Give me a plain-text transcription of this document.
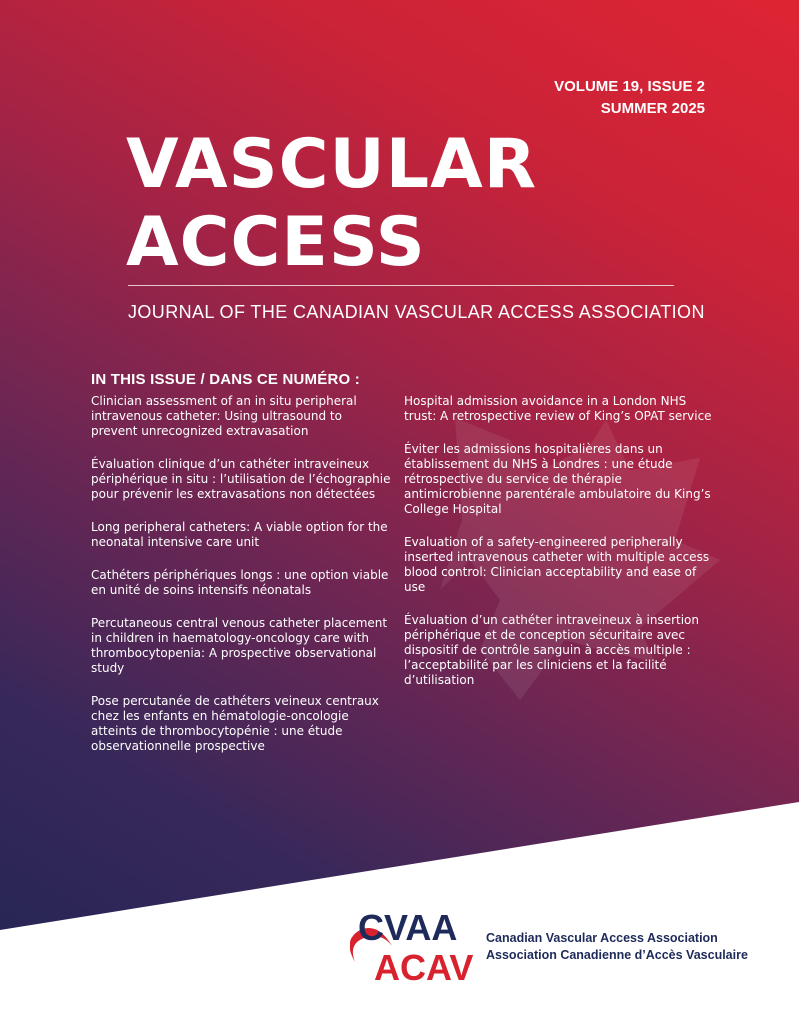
VOLUME 19, ISSUE 2
SUMMER 2025
VASCULAR
ACCESS
JOURNAL OF THE CANADIAN VASCULAR ACCESS ASSOCIATION
IN THIS ISSUE / DANS CE NUMÉRO :
Clinician assessment of an in situ peripheral intravenous catheter: Using ultrasound to prevent unrecognized extravasation
Évaluation clinique d’un cathéter intraveineux périphérique in situ : l’utilisation de l’échographie pour prévenir les extravasations non détectées
Long peripheral catheters: A viable option for the neonatal intensive care unit
Cathéters périphériques longs : une option viable en unité de soins intensifs néonatals
Percutaneous central venous catheter placement in children in haematology-oncology care with thrombocytopenia: A prospective observational study
Pose percutanée de cathéters veineux centraux chez les enfants en hématologie-oncologie atteints de thrombocytopénie : une étude observationnelle prospective
Hospital admission avoidance in a London NHS trust: A retrospective review of King’s OPAT service
Éviter les admissions hospitalières dans un établissement du NHS à Londres : une étude rétrospective du service de thérapie antimicrobienne parentérale ambulatoire du King’s College Hospital
Evaluation of a safety-engineered peripherally inserted intravenous catheter with multiple access blood control: Clinician acceptability and ease of use
Évaluation d’un cathéter intraveineux à insertion périphérique et de conception sécuritaire avec dispositif de contrôle sanguin à accès multiple : l’acceptabilité par les cliniciens et la facilité d’utilisation
CVAA
ACAV
Canadian Vascular Access Association
Association Canadienne d’Accès Vasculaire
